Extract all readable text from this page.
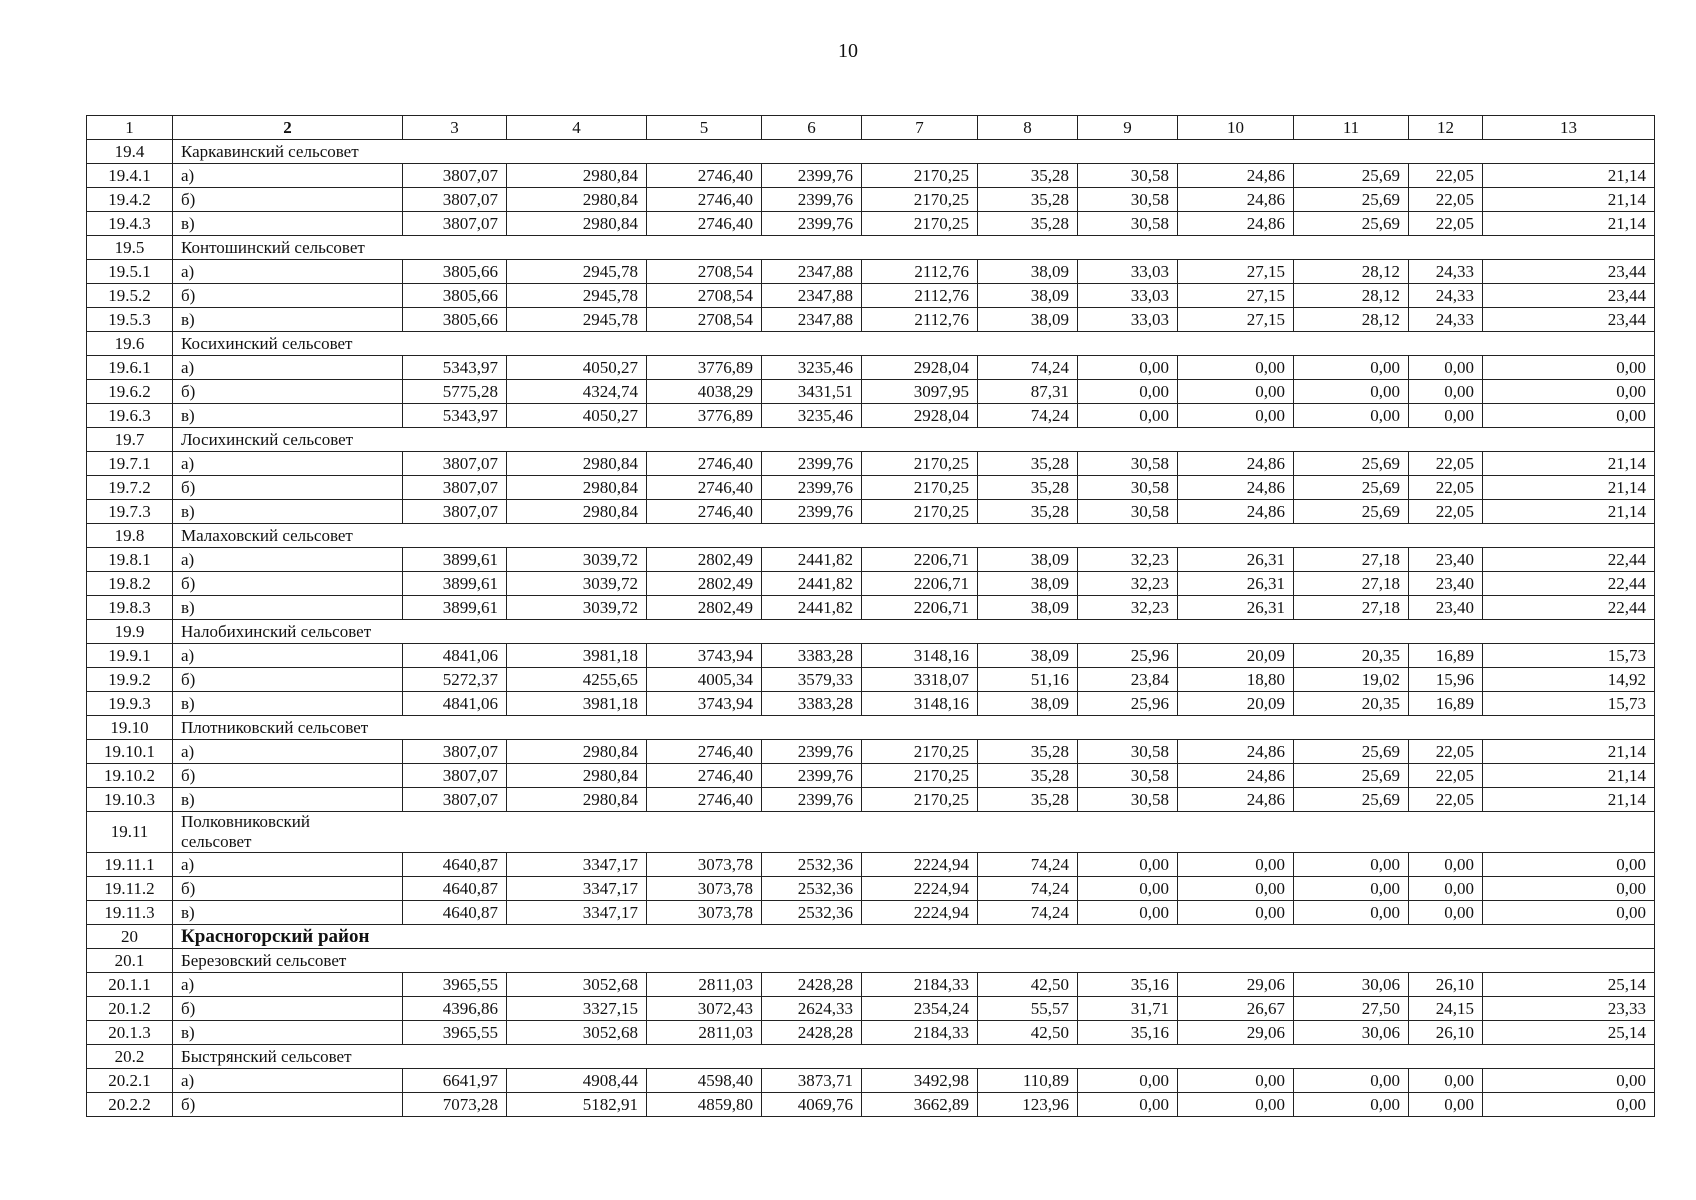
10
1	2	3	4	5	6	7	8	9	10	11	12	13
19.4	Каркавинский сельсовет											
19.4.1	а)	3807,07	2980,84	2746,40	2399,76	2170,25	35,28	30,58	24,86	25,69	22,05	21,14
19.4.2	б)	3807,07	2980,84	2746,40	2399,76	2170,25	35,28	30,58	24,86	25,69	22,05	21,14
19.4.3	в)	3807,07	2980,84	2746,40	2399,76	2170,25	35,28	30,58	24,86	25,69	22,05	21,14
19.5	Контошинский сельсовет											
19.5.1	а)	3805,66	2945,78	2708,54	2347,88	2112,76	38,09	33,03	27,15	28,12	24,33	23,44
19.5.2	б)	3805,66	2945,78	2708,54	2347,88	2112,76	38,09	33,03	27,15	28,12	24,33	23,44
19.5.3	в)	3805,66	2945,78	2708,54	2347,88	2112,76	38,09	33,03	27,15	28,12	24,33	23,44
19.6	Косихинский сельсовет											
19.6.1	а)	5343,97	4050,27	3776,89	3235,46	2928,04	74,24	0,00	0,00	0,00	0,00	0,00
19.6.2	б)	5775,28	4324,74	4038,29	3431,51	3097,95	87,31	0,00	0,00	0,00	0,00	0,00
19.6.3	в)	5343,97	4050,27	3776,89	3235,46	2928,04	74,24	0,00	0,00	0,00	0,00	0,00
19.7	Лосихинский сельсовет											
19.7.1	а)	3807,07	2980,84	2746,40	2399,76	2170,25	35,28	30,58	24,86	25,69	22,05	21,14
19.7.2	б)	3807,07	2980,84	2746,40	2399,76	2170,25	35,28	30,58	24,86	25,69	22,05	21,14
19.7.3	в)	3807,07	2980,84	2746,40	2399,76	2170,25	35,28	30,58	24,86	25,69	22,05	21,14
19.8	Малаховский сельсовет											
19.8.1	а)	3899,61	3039,72	2802,49	2441,82	2206,71	38,09	32,23	26,31	27,18	23,40	22,44
19.8.2	б)	3899,61	3039,72	2802,49	2441,82	2206,71	38,09	32,23	26,31	27,18	23,40	22,44
19.8.3	в)	3899,61	3039,72	2802,49	2441,82	2206,71	38,09	32,23	26,31	27,18	23,40	22,44
19.9	Налобихинский сельсовет											
19.9.1	а)	4841,06	3981,18	3743,94	3383,28	3148,16	38,09	25,96	20,09	20,35	16,89	15,73
19.9.2	б)	5272,37	4255,65	4005,34	3579,33	3318,07	51,16	23,84	18,80	19,02	15,96	14,92
19.9.3	в)	4841,06	3981,18	3743,94	3383,28	3148,16	38,09	25,96	20,09	20,35	16,89	15,73
19.10	Плотниковский сельсовет											
19.10.1	а)	3807,07	2980,84	2746,40	2399,76	2170,25	35,28	30,58	24,86	25,69	22,05	21,14
19.10.2	б)	3807,07	2980,84	2746,40	2399,76	2170,25	35,28	30,58	24,86	25,69	22,05	21,14
19.10.3	в)	3807,07	2980,84	2746,40	2399,76	2170,25	35,28	30,58	24,86	25,69	22,05	21,14
19.11	Полковниковский сельсовет											
19.11.1	а)	4640,87	3347,17	3073,78	2532,36	2224,94	74,24	0,00	0,00	0,00	0,00	0,00
19.11.2	б)	4640,87	3347,17	3073,78	2532,36	2224,94	74,24	0,00	0,00	0,00	0,00	0,00
19.11.3	в)	4640,87	3347,17	3073,78	2532,36	2224,94	74,24	0,00	0,00	0,00	0,00	0,00
20	Красногорский район											
20.1	Березовский сельсовет											
20.1.1	а)	3965,55	3052,68	2811,03	2428,28	2184,33	42,50	35,16	29,06	30,06	26,10	25,14
20.1.2	б)	4396,86	3327,15	3072,43	2624,33	2354,24	55,57	31,71	26,67	27,50	24,15	23,33
20.1.3	в)	3965,55	3052,68	2811,03	2428,28	2184,33	42,50	35,16	29,06	30,06	26,10	25,14
20.2	Быстрянский сельсовет											
20.2.1	а)	6641,97	4908,44	4598,40	3873,71	3492,98	110,89	0,00	0,00	0,00	0,00	0,00
20.2.2	б)	7073,28	5182,91	4859,80	4069,76	3662,89	123,96	0,00	0,00	0,00	0,00	0,00
